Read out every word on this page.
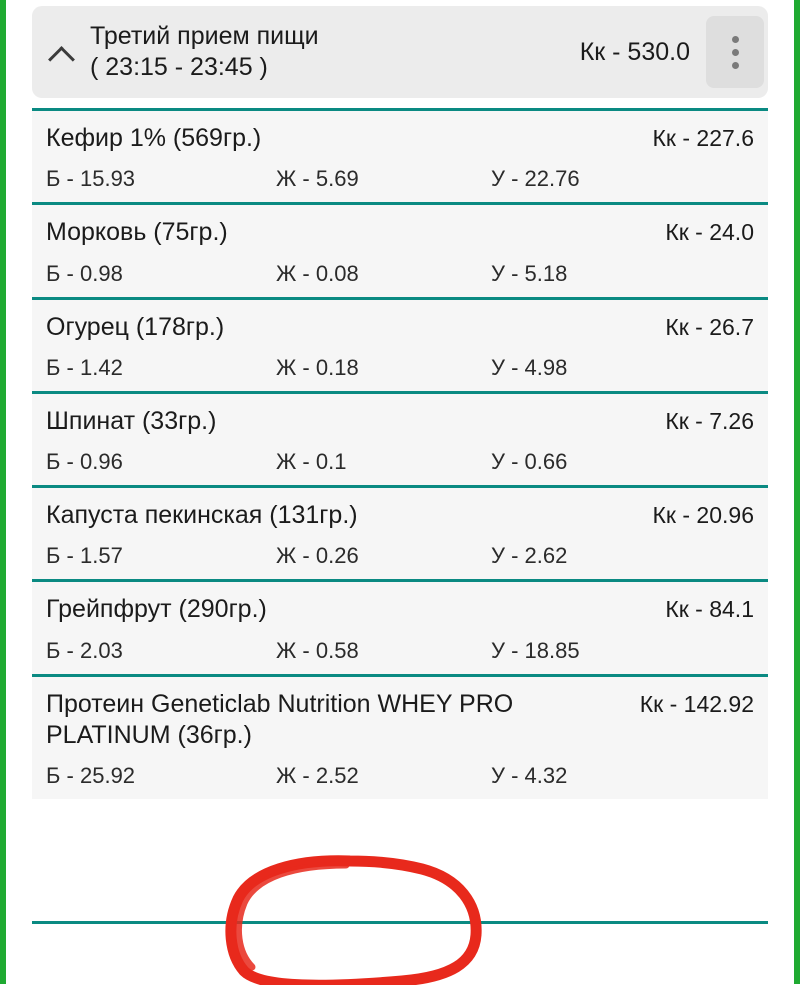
Третий прием пищи
( 23:15 - 23:45 )
Кк - 530.0
Кефир 1% (569гр.)	Кк - 227.6
Б - 15.93	Ж - 5.69	У - 22.76
Морковь (75гр.)	Кк - 24.0
Б - 0.98	Ж - 0.08	У - 5.18
Огурец (178гр.)	Кк - 26.7
Б - 1.42	Ж - 0.18	У - 4.98
Шпинат (33гр.)	Кк - 7.26
Б - 0.96	Ж - 0.1	У - 0.66
Капуста пекинская (131гр.)	Кк - 20.96
Б - 1.57	Ж - 0.26	У - 2.62
Грейпфрут (290гр.)	Кк - 84.1
Б - 2.03	Ж - 0.58	У - 18.85
Протеин Geneticlab Nutrition WHEY PRO PLATINUM (36гр.)
Кк - 142.92
Б - 25.92	Ж - 2.52	У - 4.32
